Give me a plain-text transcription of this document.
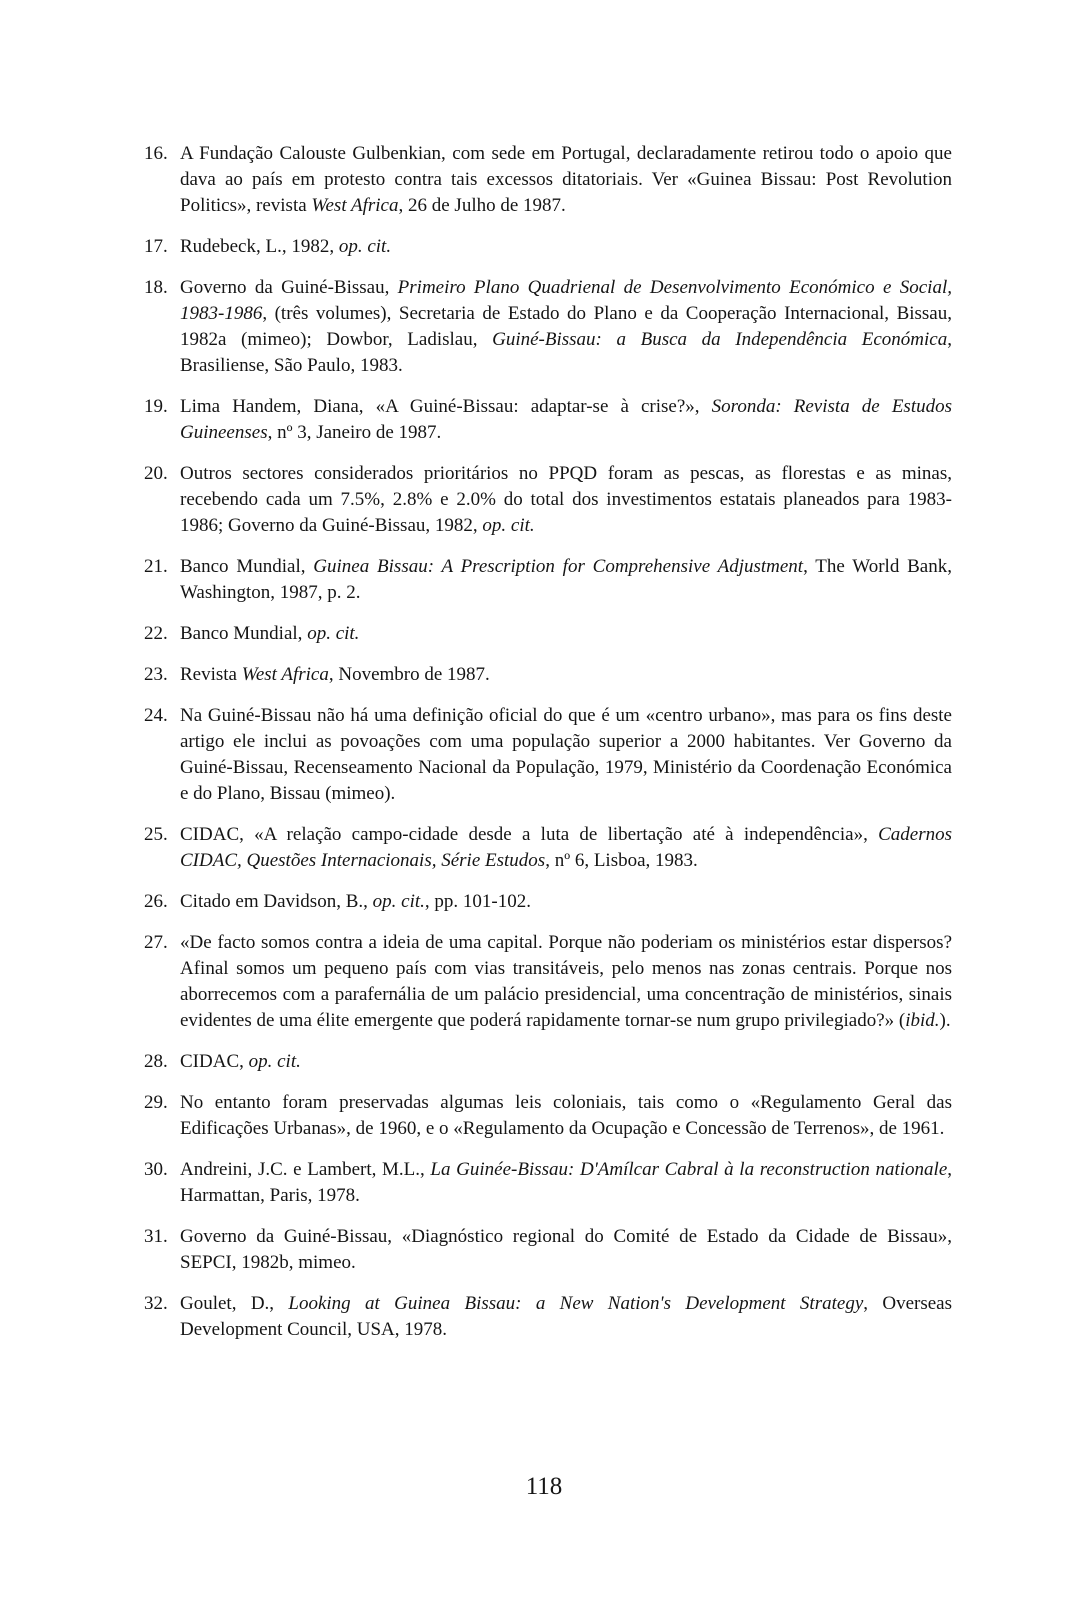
16. A Fundação Calouste Gulbenkian, com sede em Portugal, declaradamente retirou todo o apoio que dava ao país em protesto contra tais excessos ditatoriais. Ver «Guinea Bissau: Post Revolution Politics», revista West Africa, 26 de Julho de 1987.
17. Rudebeck, L., 1982, op. cit.
18. Governo da Guiné-Bissau, Primeiro Plano Quadrienal de Desenvolvimento Económico e Social, 1983-1986, (três volumes), Secretaria de Estado do Plano e da Cooperação Internacional, Bissau, 1982a (mimeo); Dowbor, Ladislau, Guiné-Bissau: a Busca da Independência Económica, Brasiliense, São Paulo, 1983.
19. Lima Handem, Diana, «A Guiné-Bissau: adaptar-se à crise?», Soronda: Revista de Estudos Guineenses, nº 3, Janeiro de 1987.
20. Outros sectores considerados prioritários no PPQD foram as pescas, as florestas e as minas, recebendo cada um 7.5%, 2.8% e 2.0% do total dos investimentos estatais planeados para 1983-1986; Governo da Guiné-Bissau, 1982, op. cit.
21. Banco Mundial, Guinea Bissau: A Prescription for Comprehensive Adjustment, The World Bank, Washington, 1987, p. 2.
22. Banco Mundial, op. cit.
23. Revista West Africa, Novembro de 1987.
24. Na Guiné-Bissau não há uma definição oficial do que é um «centro urbano», mas para os fins deste artigo ele inclui as povoações com uma população superior a 2000 habitantes. Ver Governo da Guiné-Bissau, Recenseamento Nacional da População, 1979, Ministério da Coordenação Económica e do Plano, Bissau (mimeo).
25. CIDAC, «A relação campo-cidade desde a luta de libertação até à independência», Cadernos CIDAC, Questões Internacionais, Série Estudos, nº 6, Lisboa, 1983.
26. Citado em Davidson, B., op. cit., pp. 101-102.
27. «De facto somos contra a ideia de uma capital. Porque não poderiam os ministérios estar dispersos? Afinal somos um pequeno país com vias transitáveis, pelo menos nas zonas centrais. Porque nos aborrecemos com a parafernália de um palácio presidencial, uma concentração de ministérios, sinais evidentes de uma élite emergente que poderá rapidamente tornar-se num grupo privilegiado?» (ibid.).
28. CIDAC, op. cit.
29. No entanto foram preservadas algumas leis coloniais, tais como o «Regulamento Geral das Edificações Urbanas», de 1960, e o «Regulamento da Ocupação e Concessão de Terrenos», de 1961.
30. Andreini, J.C. e Lambert, M.L., La Guinée-Bissau: D'Amílcar Cabral à la reconstruction nationale, Harmattan, Paris, 1978.
31. Governo da Guiné-Bissau, «Diagnóstico regional do Comité de Estado da Cidade de Bissau», SEPCI, 1982b, mimeo.
32. Goulet, D., Looking at Guinea Bissau: a New Nation's Development Strategy, Overseas Development Council, USA, 1978.
118
